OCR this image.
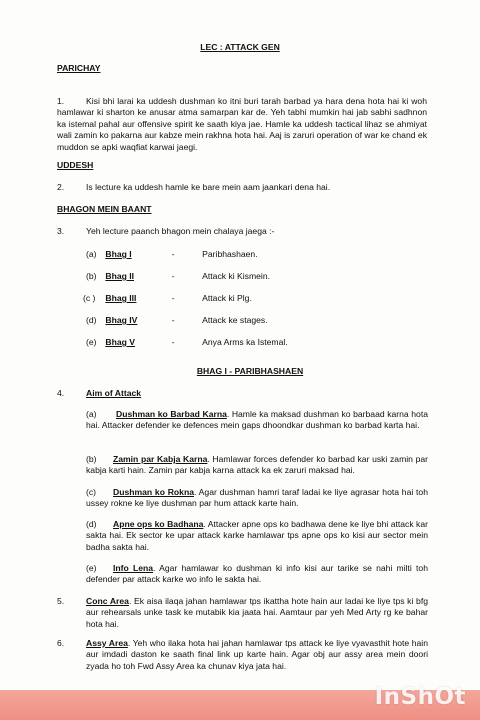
LEC : ATTACK GEN

PARICHAY

1.	Kisi bhi larai ka uddesh dushman ko itni buri tarah barbad ya hara dena hota hai ki woh hamlawar ki sharton ke anusar atma samarpan kar de. Yeh tabhi mumkin hai jab sabhi sadhnon ka istemal pahal aur offensive spirit ke saath kiya jae. Hamle ka uddesh tactical lihaz se ahmiyat wali zamin ko pakarna aur kabze mein rakhna hota hai. Aaj is zaruri operation of war ke chand ek muddon se apki waqfiat karwai jaegi.

UDDESH

2.	Is lecture ka uddesh hamle ke bare mein aam jaankari dena hai.

BHAGON MEIN BAANT

3.	Yeh lecture paanch bhagon mein chalaya jaega :-

(a) Bhag I	-	Paribhashaen.
(b) Bhag II	-	Attack ki Kismein.
(c ) Bhag III	-	Attack ki Plg.
(d) Bhag IV	-	Attack ke stages.
(e) Bhag V	-	Anya Arms ka Istemal.

BHAG I - PARIBHASHAEN

4.	Aim of Attack

(a) Dushman ko Barbad Karna. Hamle ka maksad dushman ko barbaad karna hota hai. Attacker defender ke defences mein gaps dhoondkar dushman ko barbad karta hai.

(b) Zamin par Kabja Karna. Hamlawar forces defender ko barbad kar uski zamin par kabja karti hain. Zamin par kabja karna attack ka ek zaruri maksad hai.

(c) Dushman ko Rokna. Agar dushman hamri taraf ladai ke liye agrasar hota hai toh ussey rokne ke liye dushman par hum attack karte hain.

(d) Apne ops ko Badhana. Attacker apne ops ko badhawa dene ke liye bhi attack kar sakta hai. Ek sector ke upar attack karke hamlawar tps apne ops ko kisi aur sector mein badha sakta hai.

(e) Info Lena. Agar hamlawar ko dushman ki info kisi aur tarike se nahi milti toh defender par attack karke wo info le sakta hai.

5.	Conc Area. Ek aisa ilaqa jahan hamlawar tps ikattha hote hain aur ladai ke liye tps ki bfg aur rehearsals unke task ke mutabik kia jaata hai. Aamtaur par yeh Med Arty rg ke bahar hota hai.

6.	Assy Area. Yeh who ilaka hota hai jahan hamlawar tps attack ke liye vyavasthit hote hain aur imdadi daston ke saath final link up karte hain. Agar obj aur assy area mein doori zyada ho toh Fwd Assy Area ka chunav kiya jata hai.

InShOt
